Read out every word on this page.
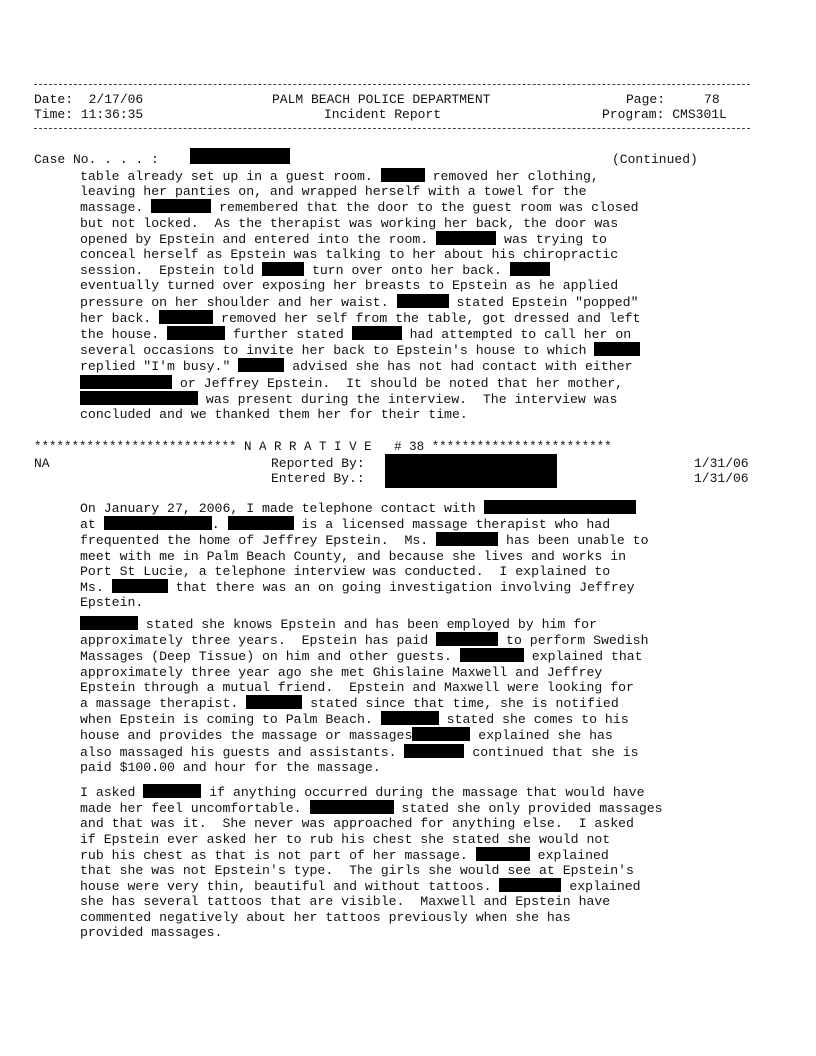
Date: 2/17/06
Time: 11:36:35
PALM BEACH POLICE DEPARTMENT
Incident Report
Page:	78
Program: CMS301L
Case No. . . . :	(Continued)
table already set up in a guest room.	removed her clothing,
leaving her panties on, and wrapped herself with a towel for the
massage.	remembered that the door to the guest room was closed
but not locked.  As the therapist was working her back, the door was
opened by Epstein and entered into the room.	was trying to
conceal herself as Epstein was talking to her about his chiropractic
session.  Epstein told	turn over onto her back.
eventually turned over exposing her breasts to Epstein as he applied
pressure on her shoulder and her waist.	stated Epstein "popped"
her back.	removed her self from the table, got dressed and left
the house.	further stated	had attempted to call her on
several occasions to invite her back to Epstein's house to which
replied "I'm busy."	advised she has not had contact with either
or Jeffrey Epstein.  It should be noted that her mother,
was present during the interview.  The interview was
concluded and we thanked them her for their time.
*************************** N A R R A T I V E # 38 ************************
NA	Reported By:
Entered By.:
1/31/06
1/31/06
On January 27, 2006, I made telephone contact with
at	.	is a licensed massage therapist who had
frequented the home of Jeffrey Epstein.  Ms.	has been unable to
meet with me in Palm Beach County, and because she lives and works in
Port St Lucie, a telephone interview was conducted.  I explained to
Ms.	that there was an on going investigation involving Jeffrey
Epstein.
stated she knows Epstein and has been employed by him for
approximately three years.  Epstein has paid	to perform Swedish
Massages (Deep Tissue) on him and other guests.	explained that
approximately three year ago she met Ghislaine Maxwell and Jeffrey
Epstein through a mutual friend.  Epstein and Maxwell were looking for
a massage therapist.	stated since that time, she is notified
when Epstein is coming to Palm Beach.	stated she comes to his
house and provides the massage or massages	explained she has
also massaged his guests and assistants.	continued that she is
paid $100.00 and hour for the massage.
I asked	if anything occurred during the massage that would have
made her feel uncomfortable.	stated she only provided massages
and that was it.  She never was approached for anything else.  I asked
if Epstein ever asked her to rub his chest she stated she would not
rub his chest as that is not part of her massage.	explained
that she was not Epstein's type.  The girls she would see at Epstein's
house were very thin, beautiful and without tattoos.	explained
she has several tattoos that are visible.  Maxwell and Epstein have
commented negatively about her tattoos previously when she has
provided massages.
